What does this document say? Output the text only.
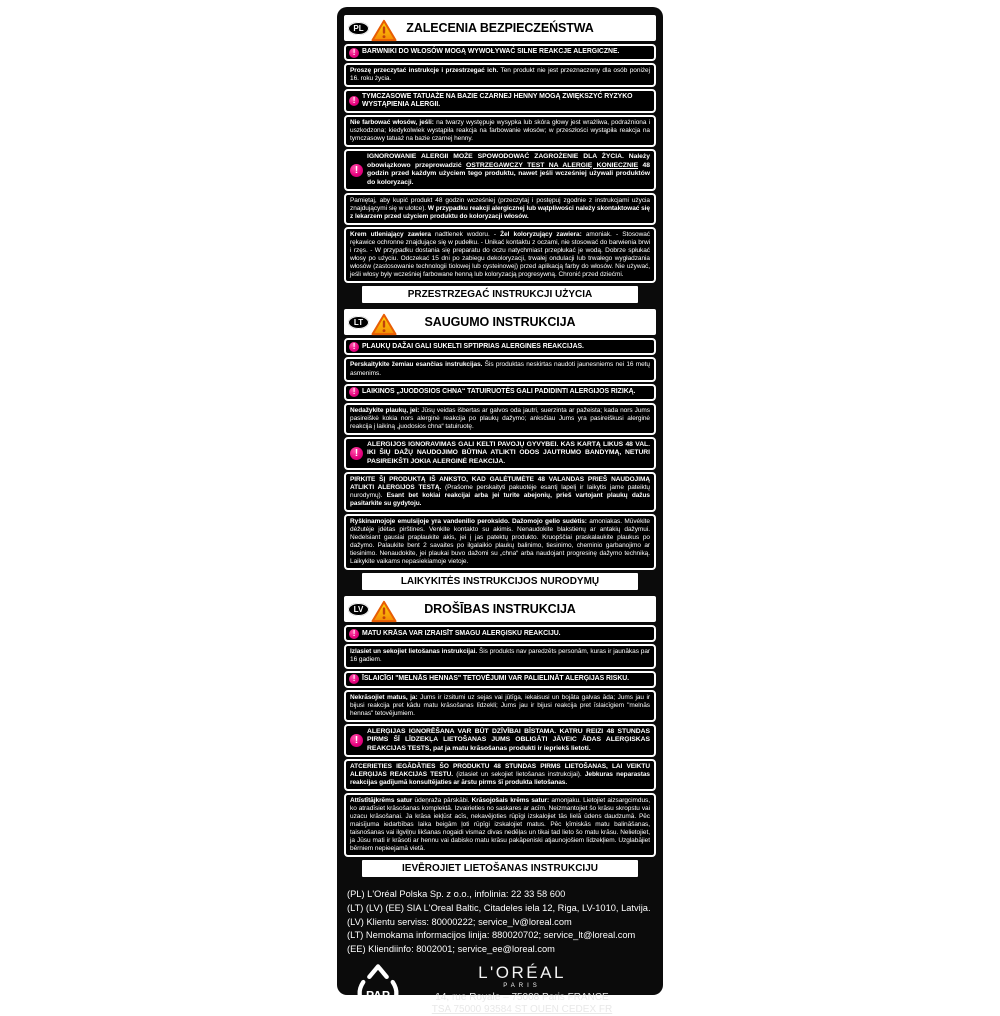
ZALECENIA BEZPIECZEŃSTWA
PL
! BARWNIKI DO WŁOSÓW MOGĄ WYWOŁYWAĆ SILNE REAKCJE ALERGICZNE.
Proszę przeczytać instrukcje i przestrzegać ich. Ten produkt nie jest przeznaczony dla osób poniżej 16. roku życia.
!
TYMCZASOWE TATUAŻE NA BAZIE CZARNEJ HENNY MOGĄ ZWIĘKSZYĆ RYZYKO WYSTĄPIENIA ALERGII.
Nie farbować włosów, jeśli: na twarzy występuje wysypka lub skóra głowy jest wrażliwa, podrażniona i uszkodzona; kiedykolwiek wystąpiła reakcja na farbowanie włosów; w przeszłości wystąpiła reakcja na tymczasowy tatuaż na bazie czarnej henny.
!
IGNOROWANIE ALERGII MOŻE SPOWODOWAĆ ZAGROŻENIE DLA ŻYCIA. Należy obowiązkowo przeprowadzić OSTRZEGAWCZY TEST NA ALERGIĘ KONIECZNIE 48 godzin przed każdym użyciem tego produktu, nawet jeśli wcześniej używali produktów do koloryzacji.
Pamiętaj, aby kupić produkt 48 godzin wcześniej (przeczytaj i postępuj zgodnie z instrukcjami użycia znajdującymi się w ulotce). W przypadku reakcji alergicznej lub wątpliwości należy skontaktować się z lekarzem przed użyciem produktu do koloryzacji włosów.
Krem utleniający zawiera nadtlenek wodoru. - Żel koloryzujący zawiera: amoniak. - Stosować rękawice ochronne znajdujące się w pudełku. - Unikać kontaktu z oczami, nie stosować do barwienia brwi i rzęs. - W przypadku dostania się preparatu do oczu natychmiast przepłukać je wodą. Dobrze spłukać włosy po użyciu. Odczekać 15 dni po zabiegu dekoloryzacji, trwałej ondulacji lub trwałego wygładzania włosów (zastosowanie technologii tiolowej lub cysteinowej) przed aplikacją farby do włosów. Nie używać, jeśli włosy były wcześniej farbowane henną lub koloryzacją progresywną. Chronić przed dziećmi.
PRZESTRZEGAĆ INSTRUKCJI UŻYCIA
SAUGUMO INSTRUKCIJA
LT
! PLAUKŲ DAŽAI GALI SUKELTI SPTIPRIAS ALERGINES REAKCIJAS.
Perskaitykite žemiau esančias instrukcijas. Šis produktas neskirtas naudoti jaunesniems nei 16 metų asmenims.
! LAIKINOS „JUODOSIOS CHNA“ TATUIRUOTĖS GALI PADIDINTI ALERGIJOS RIZIKĄ.
Nedažykite plaukų, jei: Jūsų veidas išbertas ar galvos oda jautri, suerzinta ar pažeista; kada nors Jums pasireiškė kokia nors alerginė reakcija po plaukų dažymo; anksčiau Jums yra pasireiškusi alerginė reakcija į laikiną „juodosios chna“ tatuiruotę.
!
ALERGIJOS IGNORAVIMAS GALI KELTI PAVOJŲ GYVYBEI. KAS KARTĄ LIKUS 48 VAL. IKI ŠIŲ DAŽŲ NAUDOJIMO BŪTINA ATLIKTI ODOS JAUTRUMO BANDYMĄ, NETURI PASIREIKŠTI JOKIA ALERGINĖ REAKCIJA.
PIRKITE ŠĮ PRODUKTĄ IŠ ANKSTO, KAD GALĖTUMĖTE 48 VALANDAS PRIEŠ NAUDOJIMĄ ATLIKTI ALERGIJOS TESTĄ. (Prašome perskaityti pakuotėje esantį lapelį ir laikytis jame pateiktų nurodymų). Esant bet kokiai reakcijai arba jei turite abejonių, prieš vartojant plaukų dažus pasitarkite su gydytoju.
Ryškinamojoje emulsijoje yra vandenilio peroksido. Dažomojo gelio sudėtis: amoniakas. Mūvėkite dėžutėje įdėtas pirštines. Venkite kontakto su akimis. Nenaudokite blakstienų ar antakių dažymui. Nedelsiant gausiai praplaukite akis, jei į jas patektų produkto. Kruopščiai praskalaukite plaukus po dažymo. Palaukite bent 2 savaites po ilgalaikio plaukų balinimo, tiesinimo, cheminio garbanojimo ar tiesinimo. Nenaudokite, jei plaukai buvo dažomi su „chna“ arba naudojant progresinę dažymo techniką. Laikykite vaikams nepasiekiamoje vietoje.
LAIKYKITĖS INSTRUKCIJOS NURODYMŲ
DROŠĪBAS INSTRUKCIJA
LV
! MATU KRĀSA VAR IZRAISĪT SMAGU ALERĢISKU REAKCIJU.
Izlasiet un sekojiet lietošanas instrukcijai. Šis produkts nav paredzēts personām, kuras ir jaunākas par 16 gadiem.
! ĪSLAICĪGI "MELNĀS HENNAS" TETOVĒJUMI VAR PALIELINĀT ALERĢIJAS RISKU.
Nekrāsojiet matus, ja: Jums ir izsitumi uz sejas vai jūtīga, iekaisusi un bojāta galvas āda; Jums jau ir bijusi reakcija pret kādu matu krāsošanas līdzekli; Jums jau ir bijusi reakcija pret īslaicīgiem "melnās hennas" tetovējumiem.
!
ALERĢIJAS IGNORĒŠANA VAR BŪT DZĪVĪBAI BĪSTAMA. KATRU REIZI 48 STUNDAS PIRMS ŠĪ LĪDZEKĻA LIETOŠANAS JUMS OBLIGĀTI JĀVEIC ĀDAS ALERĢISKAS REAKCIJAS TESTS, pat ja matu krāsošanas produkti ir iepriekš lietoti.
ATCERIETIES IEGĀDĀTIES ŠO PRODUKTU 48 STUNDAS PIRMS LIETOŠANAS, LAI VEIKTU ALERĢIJAS REAKCIJAS TESTU. (izlasiet un sekojiet lietošanas instrukcijai). Jebkuras neparastas reakcijas gadījumā konsultējaties ar ārstu pirms šī produkta lietošanas.
Attīstītājkrēms satur ūdeņraža pārskābi. Krāsojošais krēms satur: amonjaku. Lietojiet aizsargcimdus, ko atradīsiet krāsošanas komplektā. Izvairieties no saskares ar acīm. Neizmantojiet šo krāsu skropstu vai uzacu krāsošanai. Ja krāsa iekļūst acīs, nekavējoties rūpīgi izskalojiet tās lielā ūdens daudzumā. Pēc maisījuma iedarbības laika beigām ļoti rūpīgi izskalojiet matus. Pēc ķīmiskās matu balināšanas, taisnošanas vai ilgviļņu likšanas nogaidi vismaz divas nedēļas un tikai tad lieto šo matu krāsu. Nelietojiet, ja Jūsu mati ir krāsoti ar hennu vai dabisko matu krāsu pakāpeniski atjaunojošiem līdzekļiem. Uzglabājiet bērniem nepieejamā vietā.
IEVĒROJIET LIETOŠANAS INSTRUKCIJU
(PL) L'Oréal Polska Sp. z o.o., infolinia: 22 33 58 600
(LT) (LV) (EE) SIA L'Oreal Baltic, Citadeles iela 12, Riga, LV-1010, Latvija.
(LV) Klientu serviss: 80000222; service_lv@loreal.com
(LT) Nemokama informacijos linija: 880020702; service_lt@loreal.com
(EE) Kliendiinfo: 8002001; service_ee@loreal.com
PAP
L'ORÉAL
PARIS
14, rue Royale – 75008 Paris FRANCE
TSA 75000 93584 ST OUEN CEDEX FR
